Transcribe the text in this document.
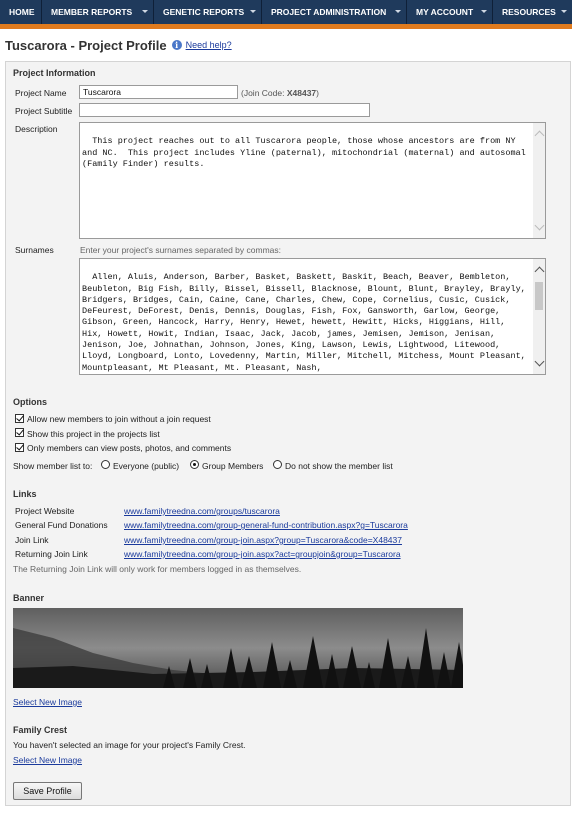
HOME MEMBER REPORTS	GENETIC REPORTS	PROJECT ADMINISTRATION	MY ACCOUNT	RESOURCES
Tuscarora - Project Profile	i Need help?
Project Information
Project Name	Tuscarora	(Join Code: X48437)
Project Subtitle
Description

This project reaches out to all Tuscarora people, those whose ancestors are from NY and NC.  This project includes Yline (paternal), mitochondrial (maternal) and autosomal (Family Finder) results.

Surnames	Enter your project's surnames separated by commas:

Allen, Aluis, Anderson, Barber, Basket, Baskett, Baskit, Beach, Beaver, Bembleton, Beubleton, Big Fish, Billy, Bissel, Bissell, Blacknose, Blount, Blunt, Brayley, Brayly, Bridgers, Bridges, Cain, Caine, Cane, Charles, Chew, Cope, Cornelius, Cusic, Cusick, DeFeurest, DeForest, Denis, Dennis, Douglas, Fish, Fox, Gansworth, Garlow, George, Gibson, Green, Hancock, Harry, Henry, Hewet, hewett, Hewitt, Hicks, Higgians, Hill, Hix, Howett, Howit, Indian, Isaac, Jack, Jacob, james, Jemisen, Jemison, Jenisan, Jenison, Joe, Johnathan, Johnson, Jones, King, Lawson, Lewis, Lightwood, Litewood, Lloyd, Longboard, Lonto, Lovedenny, Martin, Miller, Mitchell, Mitchess, Mount Pleasant, Mountpleasant, Mt Pleasant, Mt. Pleasant, Nash,

Options
Allow new members to join without a join request
Show this project in the projects list
Only members can view posts, photos, and comments
Show member list to: Everyone (public)	Group Members	Do not show the member list
Links
Project Website	www.familytreedna.com/groups/tuscarora
General Fund Donations www.familytreedna.com/group-general-fund-contribution.aspx?g=Tuscarora
Join Link	www.familytreedna.com/group-join.aspx?group=Tuscarora&code=X48437
Returning Join Link	www.familytreedna.com/group-join.aspx?act=groupjoin&group=Tuscarora
The Returning Join Link will only work for members logged in as themselves.
Banner
Select New Image
Family Crest
You haven't selected an image for your project's Family Crest.
Select New Image
Save Profile
